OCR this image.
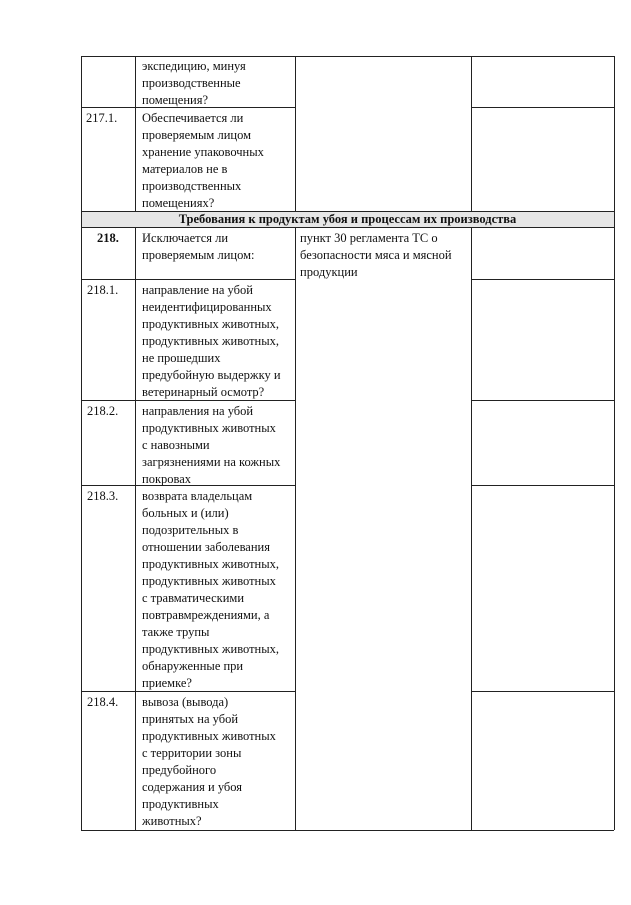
Требования к продуктам убоя и процессам их производства
экспедицию, минуя
производственные
помещения?
217.1. Обеспечивается ли
проверяемым лицом
хранение упаковочных
материалов не в
производственных
помещениях?
218. Исключается ли
проверяемым лицом:
пункт 30 регламента ТС о
безопасности мяса и мясной
продукции
218.1. направление на убой
неидентифицированных
продуктивных животных,
продуктивных животных,
не прошедших
предубойную выдержку и
ветеринарный осмотр?
218.2. направления на убой
продуктивных животных
с навозными
загрязнениями на кожных
покровах
218.3. возврата владельцам
больных и (или)
подозрительных в
отношении заболевания
продуктивных животных,
продуктивных животных
с травматическими
повтравмреждениями, а
также трупы
продуктивных животных,
обнаруженные при
приемке?
218.4. вывоза (вывода)
принятых на убой
продуктивных животных
с территории зоны
предубойного
содержания и убоя
продуктивных
животных?
